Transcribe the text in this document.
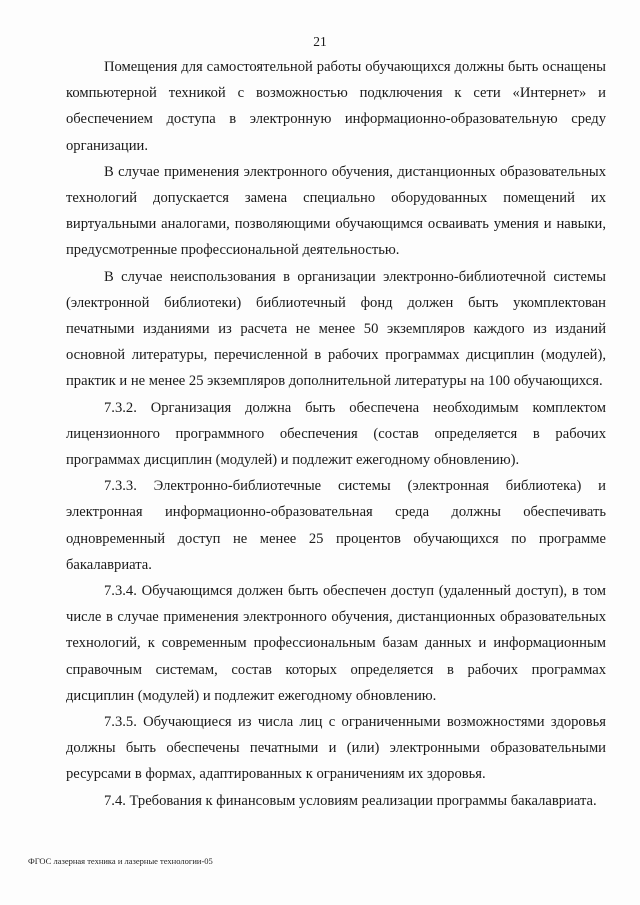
21

Помещения для самостоятельной работы обучающихся должны быть оснащены компьютерной техникой с возможностью подключения к сети «Интернет» и обеспечением доступа в электронную информационно-образовательную среду организации.

В случае применения электронного обучения, дистанционных образовательных технологий допускается замена специально оборудованных помещений их виртуальными аналогами, позволяющими обучающимся осваивать умения и навыки, предусмотренные профессиональной деятельностью.

В случае неиспользования в организации электронно-библиотечной системы (электронной библиотеки) библиотечный фонд должен быть укомплектован печатными изданиями из расчета не менее 50 экземпляров каждого из изданий основной литературы, перечисленной в рабочих программах дисциплин (модулей), практик и не менее 25 экземпляров дополнительной литературы на 100 обучающихся.

7.3.2. Организация должна быть обеспечена необходимым комплектом лицензионного программного обеспечения (состав определяется в рабочих программах дисциплин (модулей) и подлежит ежегодному обновлению).

7.3.3. Электронно-библиотечные системы (электронная библиотека) и электронная информационно-образовательная среда должны обеспечивать одновременный доступ не менее 25 процентов обучающихся по программе бакалавриата.

7.3.4. Обучающимся должен быть обеспечен доступ (удаленный доступ), в том числе в случае применения электронного обучения, дистанционных образовательных технологий, к современным профессиональным базам данных и информационным справочным системам, состав которых определяется в рабочих программах дисциплин (модулей) и подлежит ежегодному обновлению.

7.3.5. Обучающиеся из числа лиц с ограниченными возможностями здоровья должны быть обеспечены печатными и (или) электронными образовательными ресурсами в формах, адаптированных к ограничениям их здоровья.

7.4. Требования к финансовым условиям реализации программы бакалавриата.

ФГОС лазерная техника и лазерные технологии-05
